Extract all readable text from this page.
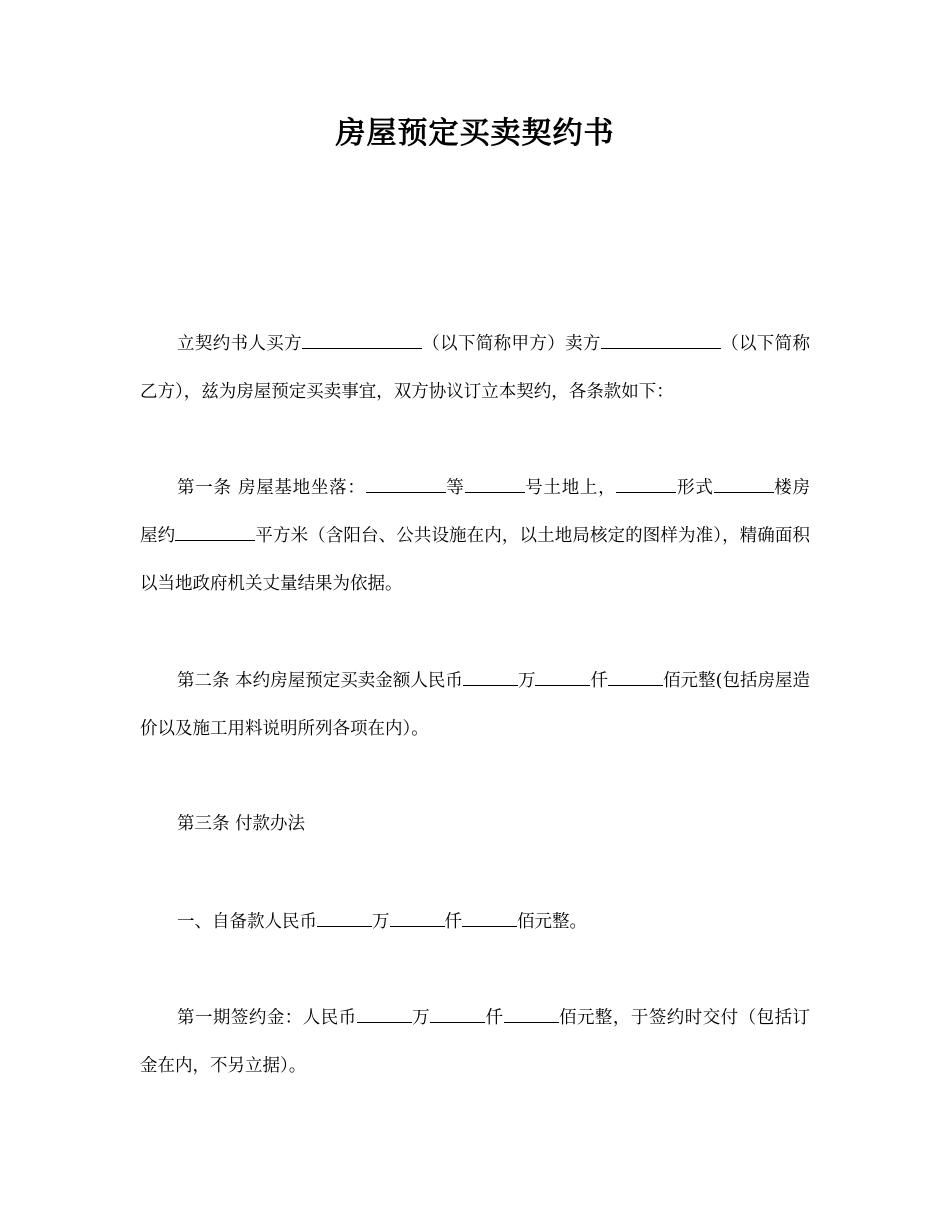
房屋预定买卖契约书

立契约书人买方	（以下简称甲方）卖方	（以下简称乙方），兹为房屋预定买卖事宜，双方协议订立本契约，各条款如下：

第一条 房屋基地坐落：	等	号土地上，	形式	楼房屋约	平方米（含阳台、公共设施在内，以土地局核定的图样为准），精确面积以当地政府机关丈量结果为依据。

第二条 本约房屋预定买卖金额人民币	万	仟	佰元整(包括房屋造价以及施工用料说明所列各项在内）。

第三条 付款办法

一、自备款人民币	万	仟	佰元整。

第一期签约金：人民币	万	仟	佰元整，于签约时交付（包括订金在内，不另立据）。
